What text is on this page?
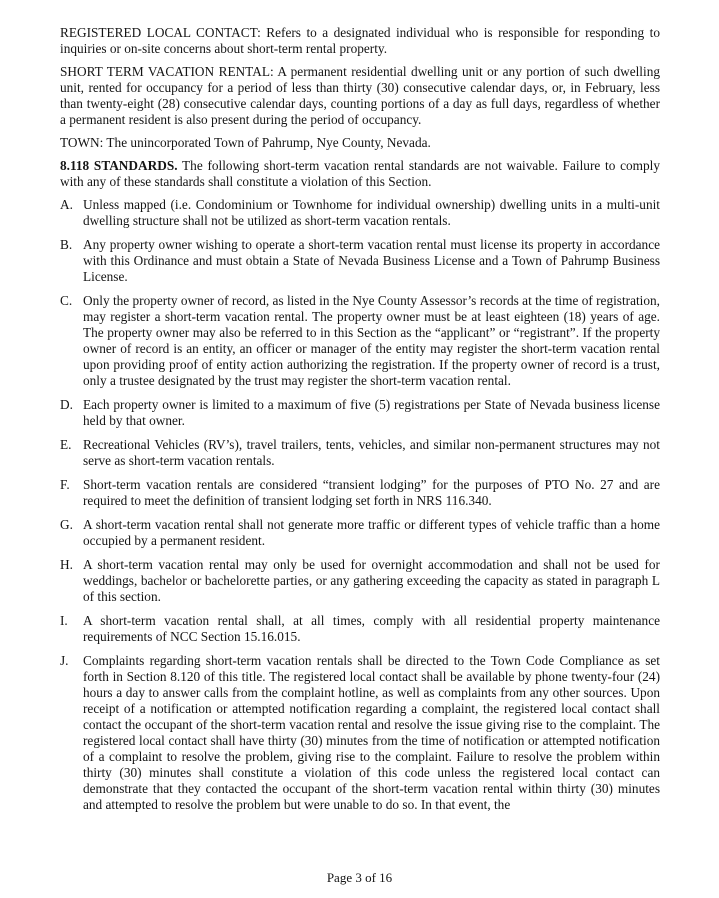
REGISTERED LOCAL CONTACT: Refers to a designated individual who is responsible for responding to inquiries or on-site concerns about short-term rental property.

SHORT TERM VACATION RENTAL: A permanent residential dwelling unit or any portion of such dwelling unit, rented for occupancy for a period of less than thirty (30) consecutive calendar days, or, in February, less than twenty-eight (28) consecutive calendar days, counting portions of a day as full days, regardless of whether a permanent resident is also present during the period of occupancy.

TOWN: The unincorporated Town of Pahrump, Nye County, Nevada.

8.118 STANDARDS. The following short-term vacation rental standards are not waivable. Failure to comply with any of these standards shall constitute a violation of this Section.

A. Unless mapped (i.e. Condominium or Townhome for individual ownership) dwelling units in a multi-unit dwelling structure shall not be utilized as short-term vacation rentals.
B. Any property owner wishing to operate a short-term vacation rental must license its property in accordance with this Ordinance and must obtain a State of Nevada Business License and a Town of Pahrump Business License.
C. Only the property owner of record, as listed in the Nye County Assessor’s records at the time of registration, may register a short-term vacation rental. The property owner must be at least eighteen (18) years of age. The property owner may also be referred to in this Section as the “applicant” or “registrant”. If the property owner of record is an entity, an officer or manager of the entity may register the short-term vacation rental upon providing proof of entity action authorizing the registration. If the property owner of record is a trust, only a trustee designated by the trust may register the short-term vacation rental.
D. Each property owner is limited to a maximum of five (5) registrations per State of Nevada business license held by that owner.
E. Recreational Vehicles (RV’s), travel trailers, tents, vehicles, and similar non-permanent structures may not serve as short-term vacation rentals.
F.	Short-term vacation rentals are considered “transient lodging” for the purposes of PTO No. 27 and are required to meet the definition of transient lodging set forth in NRS 116.340.
G. A short-term vacation rental shall not generate more traffic or different types of vehicle traffic than a home occupied by a permanent resident.
H. A short-term vacation rental may only be used for overnight accommodation and shall not be used for weddings, bachelor or bachelorette parties, or any gathering exceeding the capacity as stated in paragraph L of this section.
I.	A short-term vacation rental shall, at all times, comply with all residential property maintenance requirements of NCC Section 15.16.015.
J.	Complaints regarding short-term vacation rentals shall be directed to the Town Code Compliance as set forth in Section 8.120 of this title. The registered local contact shall be available by phone twenty-four (24) hours a day to answer calls from the complaint hotline, as well as complaints from any other sources. Upon receipt of a notification or attempted notification regarding a complaint, the registered local contact shall contact the occupant of the short-term vacation rental and resolve the issue giving rise to the complaint. The registered local contact shall have thirty (30) minutes from the time of notification or attempted notification of a complaint to resolve the problem, giving rise to the complaint. Failure to resolve the problem within thirty (30) minutes shall constitute a violation of this code unless the registered local contact can demonstrate that they contacted the occupant of the short-term vacation rental within thirty (30) minutes and attempted to resolve the problem but were unable to do so. In that event, the
Page 3 of 16
